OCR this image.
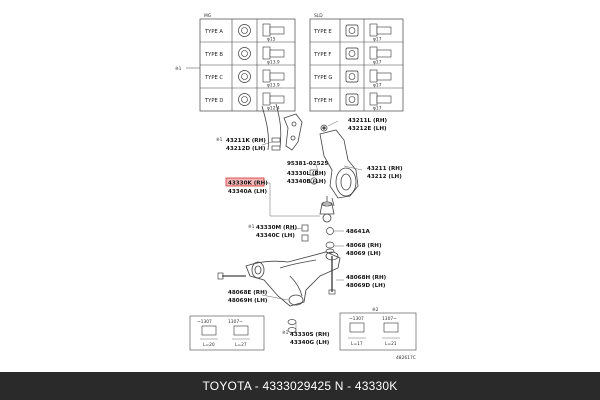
MG	SLD
※1
TYPE A
φ15
TYPE B
φ13.9
TYPE C
φ13.9
TYPE D
φ12.4
TYPE E
φ17
TYPE F
φ17
TYPE G
φ17
TYPE H
φ17
43211L (RH)
43212E (LH)
※1 43211K (RH)
43212D (LH)
95381-02525
43330L (RH)
43340B (LH)
43211 (RH)
43212 (LH)
43330K (RH)
43340A (LH)
※1 43330M (RH)
43340C (LH)
48641A
48068 (RH)
48069 (LH)
48068H (RH)
48069D (LH)
48068E (RH)
48069H (LH)
※2
※1 43330S (RH)
43340G (LH)
~1307	1307~
L=20	L=27
~1307	1307~
L=17	L=21
482617C
TOYOTA - 4333029425 N - 43330K
